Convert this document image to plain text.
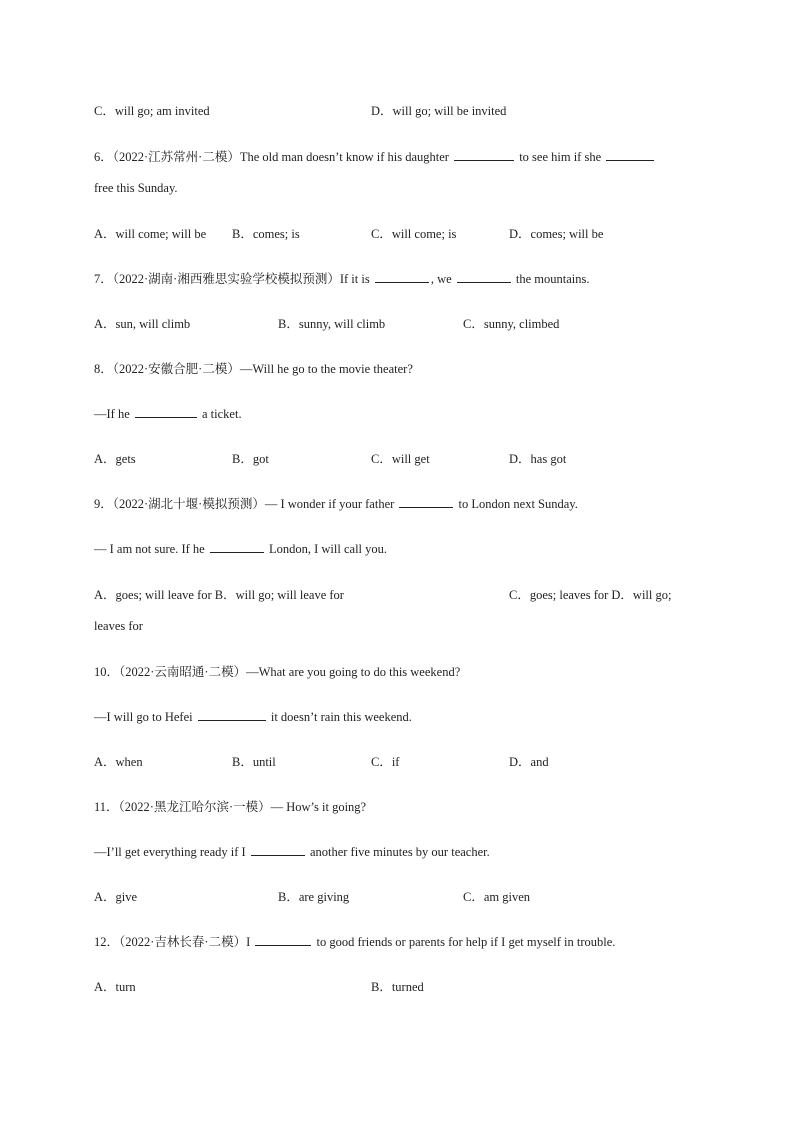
C．will go; am invited	D．will go; will be invited
6．（2022·江苏常州·二模）The old man doesn’t know if his daughter	to see him if she
free this Sunday.
A．will come; will be B．comes; is	C．will come; is	D．comes; will be
7．（2022·湖南·湘西雅思实验学校模拟预测）If it is	, we	the mountains.
A．sun, will climb	B．sunny, will climb	C．sunny, climbed
8．（2022·安徽合肥·二模）—Will he go to the movie theater?
—If he	a ticket.
A．gets	B．got	C．will get	D．has got
9．（2022·湖北十堰·模拟预测）— I wonder if your father	to London next Sunday.
— I am not sure. If he	London, I will call you.
A．goes; will leave for B．will go; will leave for	C．goes; leaves for D．will go;
leaves for
10．（2022·云南昭通·二模）—What are you going to do this weekend?
—I will go to Hefei	it doesn’t rain this weekend.
A．when	B．until	C．if	D．and
11．（2022·黑龙江哈尔滨·一模）— How’s it going?
—I’ll get everything ready if I	another five minutes by our teacher.
A．give	B．are giving	C．am given
12．（2022·吉林长春·二模）I	to good friends or parents for help if I get myself in trouble.
A．turn	B．turned
